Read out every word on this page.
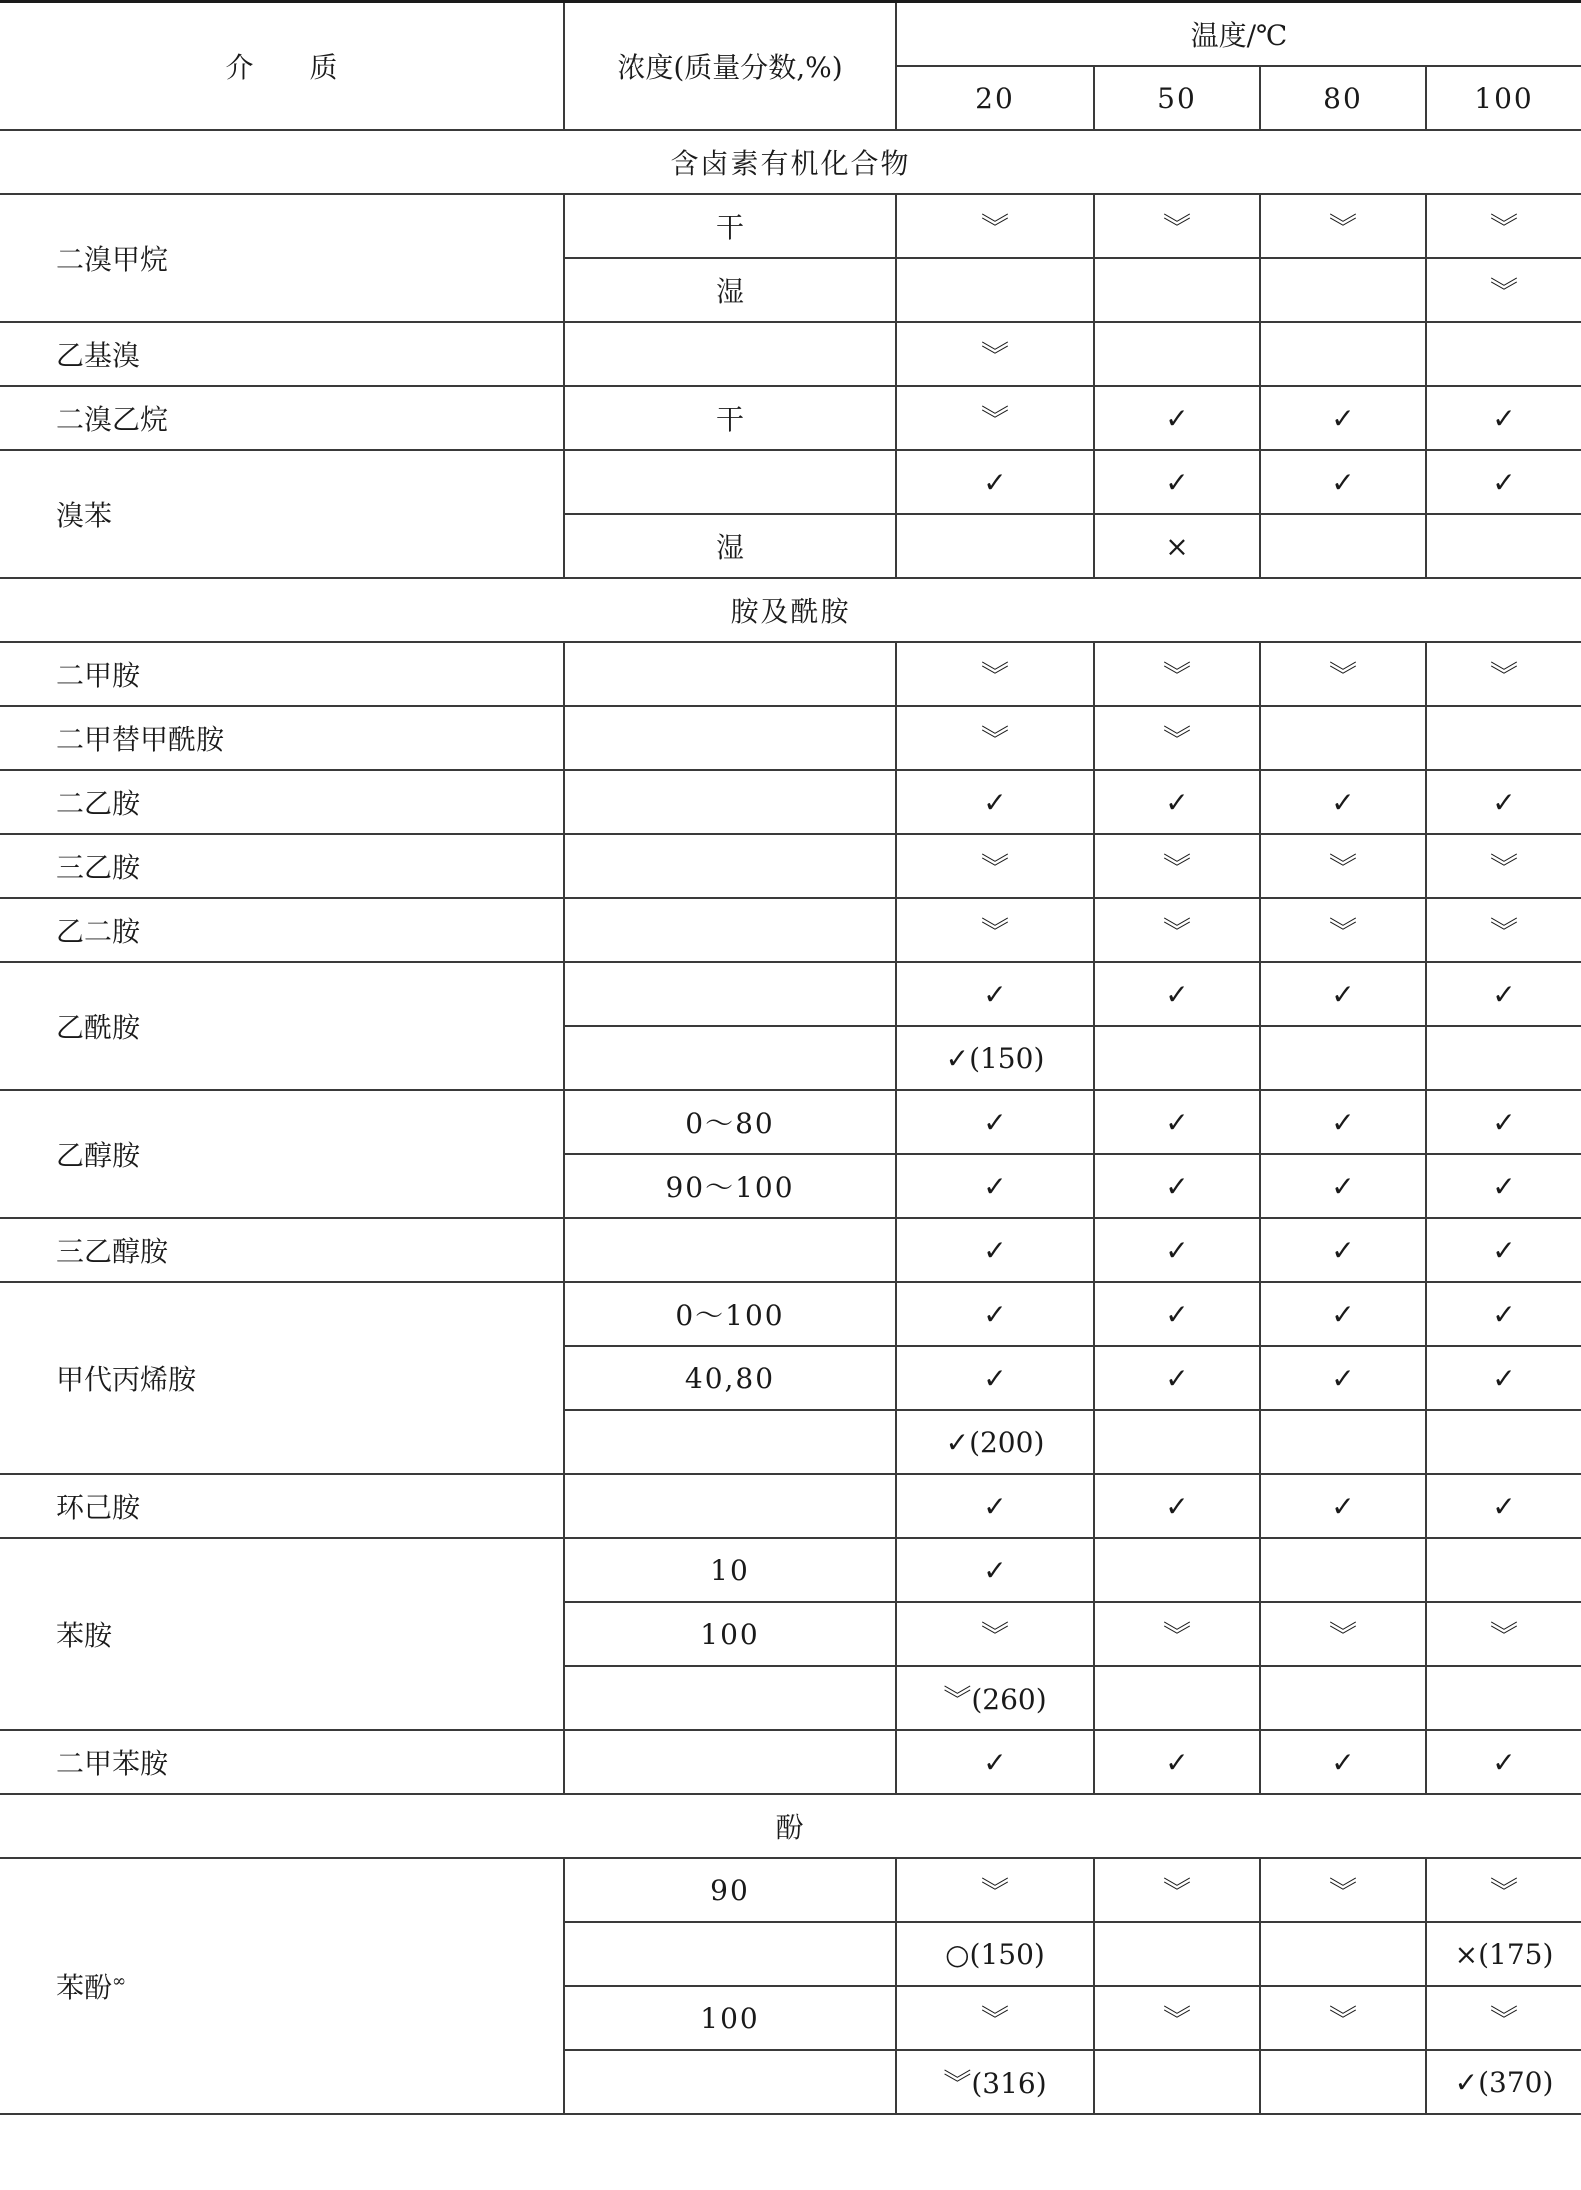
介　　质	浓度(质量分数,%)	温度/℃			
		20	50	80	100
含卤素有机化合物					
二溴甲烷	干	︾	︾	︾	︾
	湿				︾
乙基溴		︾			
二溴乙烷	干	︾	✓	✓	✓
溴苯		✓	✓	✓	✓
	湿		×		
胺及酰胺					
二甲胺		︾	︾	︾	︾
二甲替甲酰胺		︾	︾		
二乙胺		✓	✓	✓	✓
三乙胺		︾	︾	︾	︾
乙二胺		︾	︾	︾	︾
乙酰胺		✓	✓	✓	✓
		✓(150)			
乙醇胺	0～80	✓	✓	✓	✓
	90～100	✓	✓	✓	✓
三乙醇胺		✓	✓	✓	✓
甲代丙烯胺	0～100	✓	✓	✓	✓
	40,80	✓	✓	✓	✓
		✓(200)			
环己胺		✓	✓	✓	✓
苯胺	10	✓			
	100	︾	︾	︾	︾
		︾(260)			
二甲苯胺		✓	✓	✓	✓
酚					
苯酚∞	90	︾	︾	︾	︾
		○(150)			×(175)
	100	︾	︾	︾	︾
		︾(316)			✓(370)
